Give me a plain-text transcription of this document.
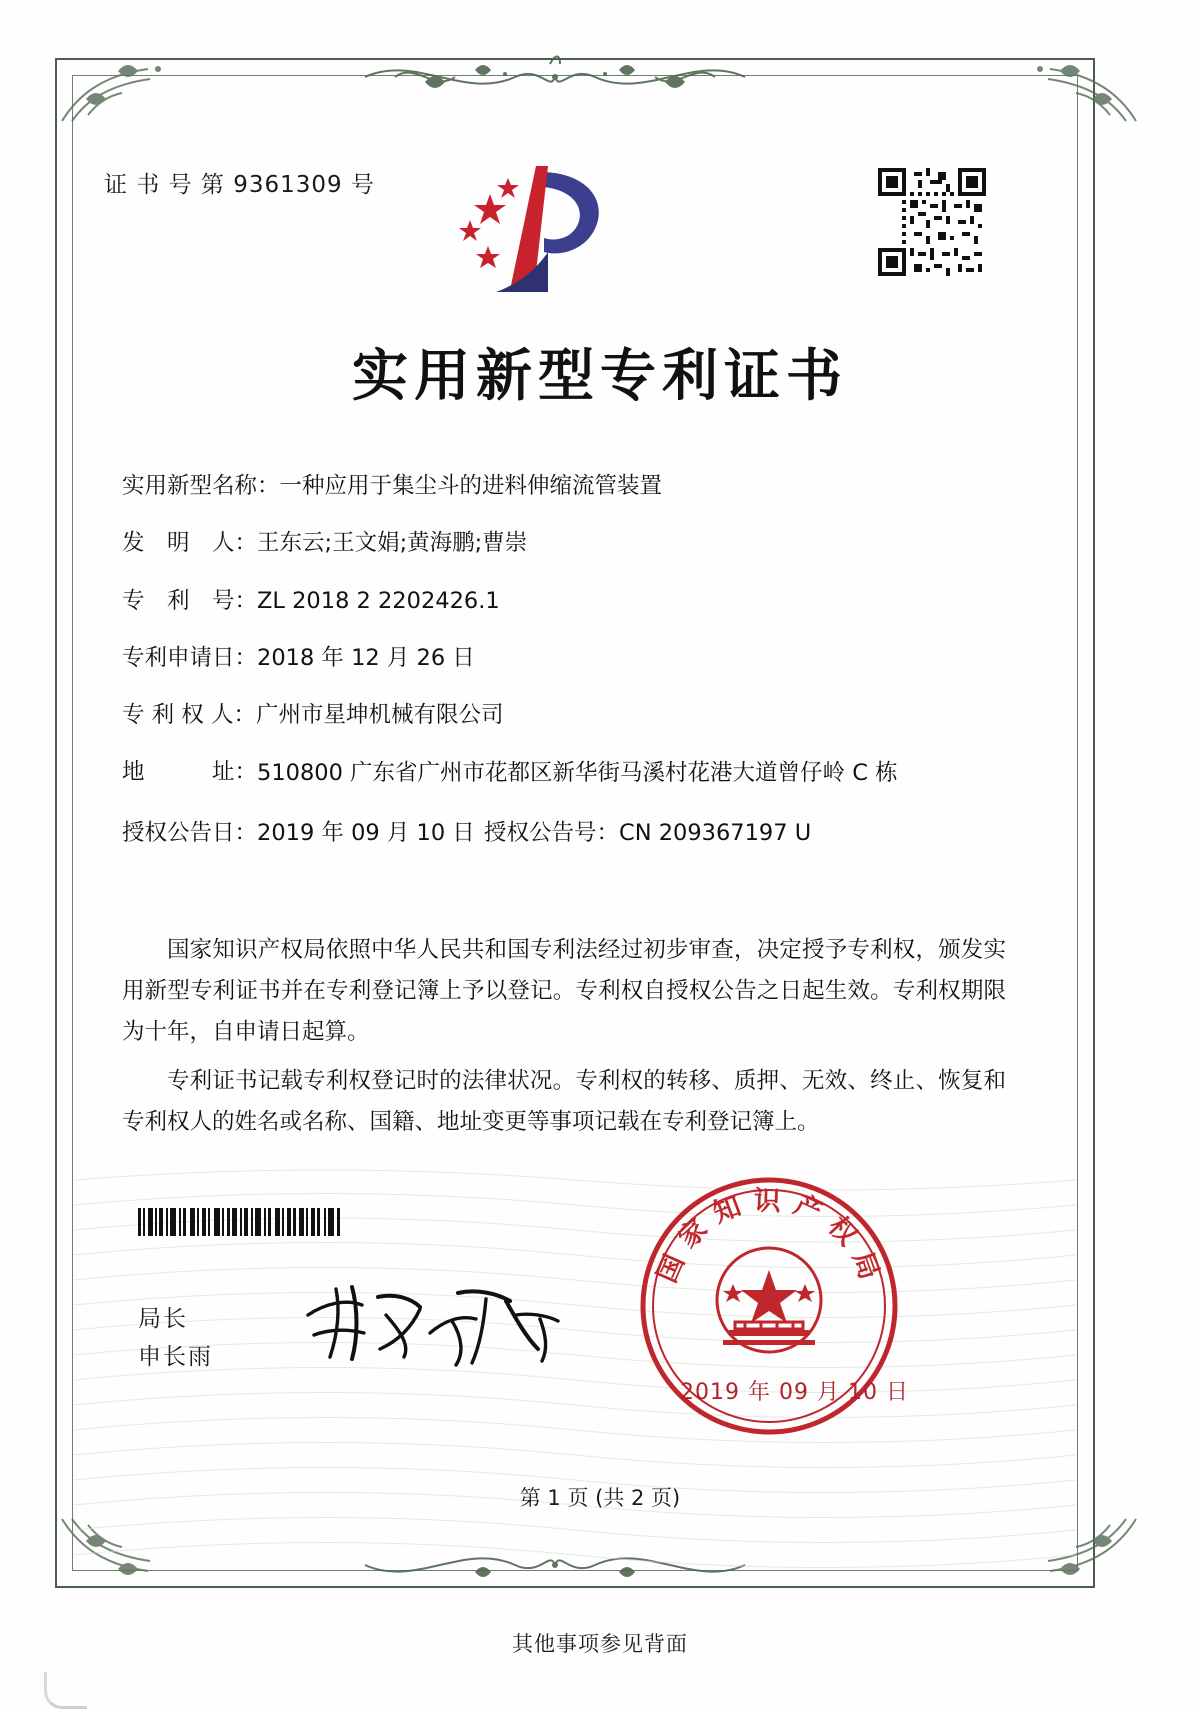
证 书 号 第 9361309 号
实用新型专利证书
实用新型名称： 一种应用于集尘斗的进料伸缩流管装置
发　明　人： 王东云;王文娟;黄海鹏;曹崇
专　利　号： ZL 2018 2 2202426.1
专利申请日： 2018 年 12 月 26 日
专 利 权 人： 广州市星坤机械有限公司
地　　　址： 510800 广东省广州市花都区新华街马溪村花港大道曾仔岭 C 栋
授权公告日：2019 年 09 月 10 日 授权公告号：CN 209367197 U

国家知识产权局依照中华人民共和国专利法经过初步审查，决定授予专利权，颁发实用新型专利证书并在专利登记簿上予以登记。专利权自授权公告之日起生效。专利权期限为十年，自申请日起算。

专利证书记载专利权登记时的法律状况。专利权的转移、质押、无效、终止、恢复和专利权人的姓名或名称、国籍、地址变更等事项记载在专利登记簿上。

局长
申长雨
国家知识产权局
2019 年 09 月 10 日
第 1 页 (共 2 页)
其他事项参见背面
